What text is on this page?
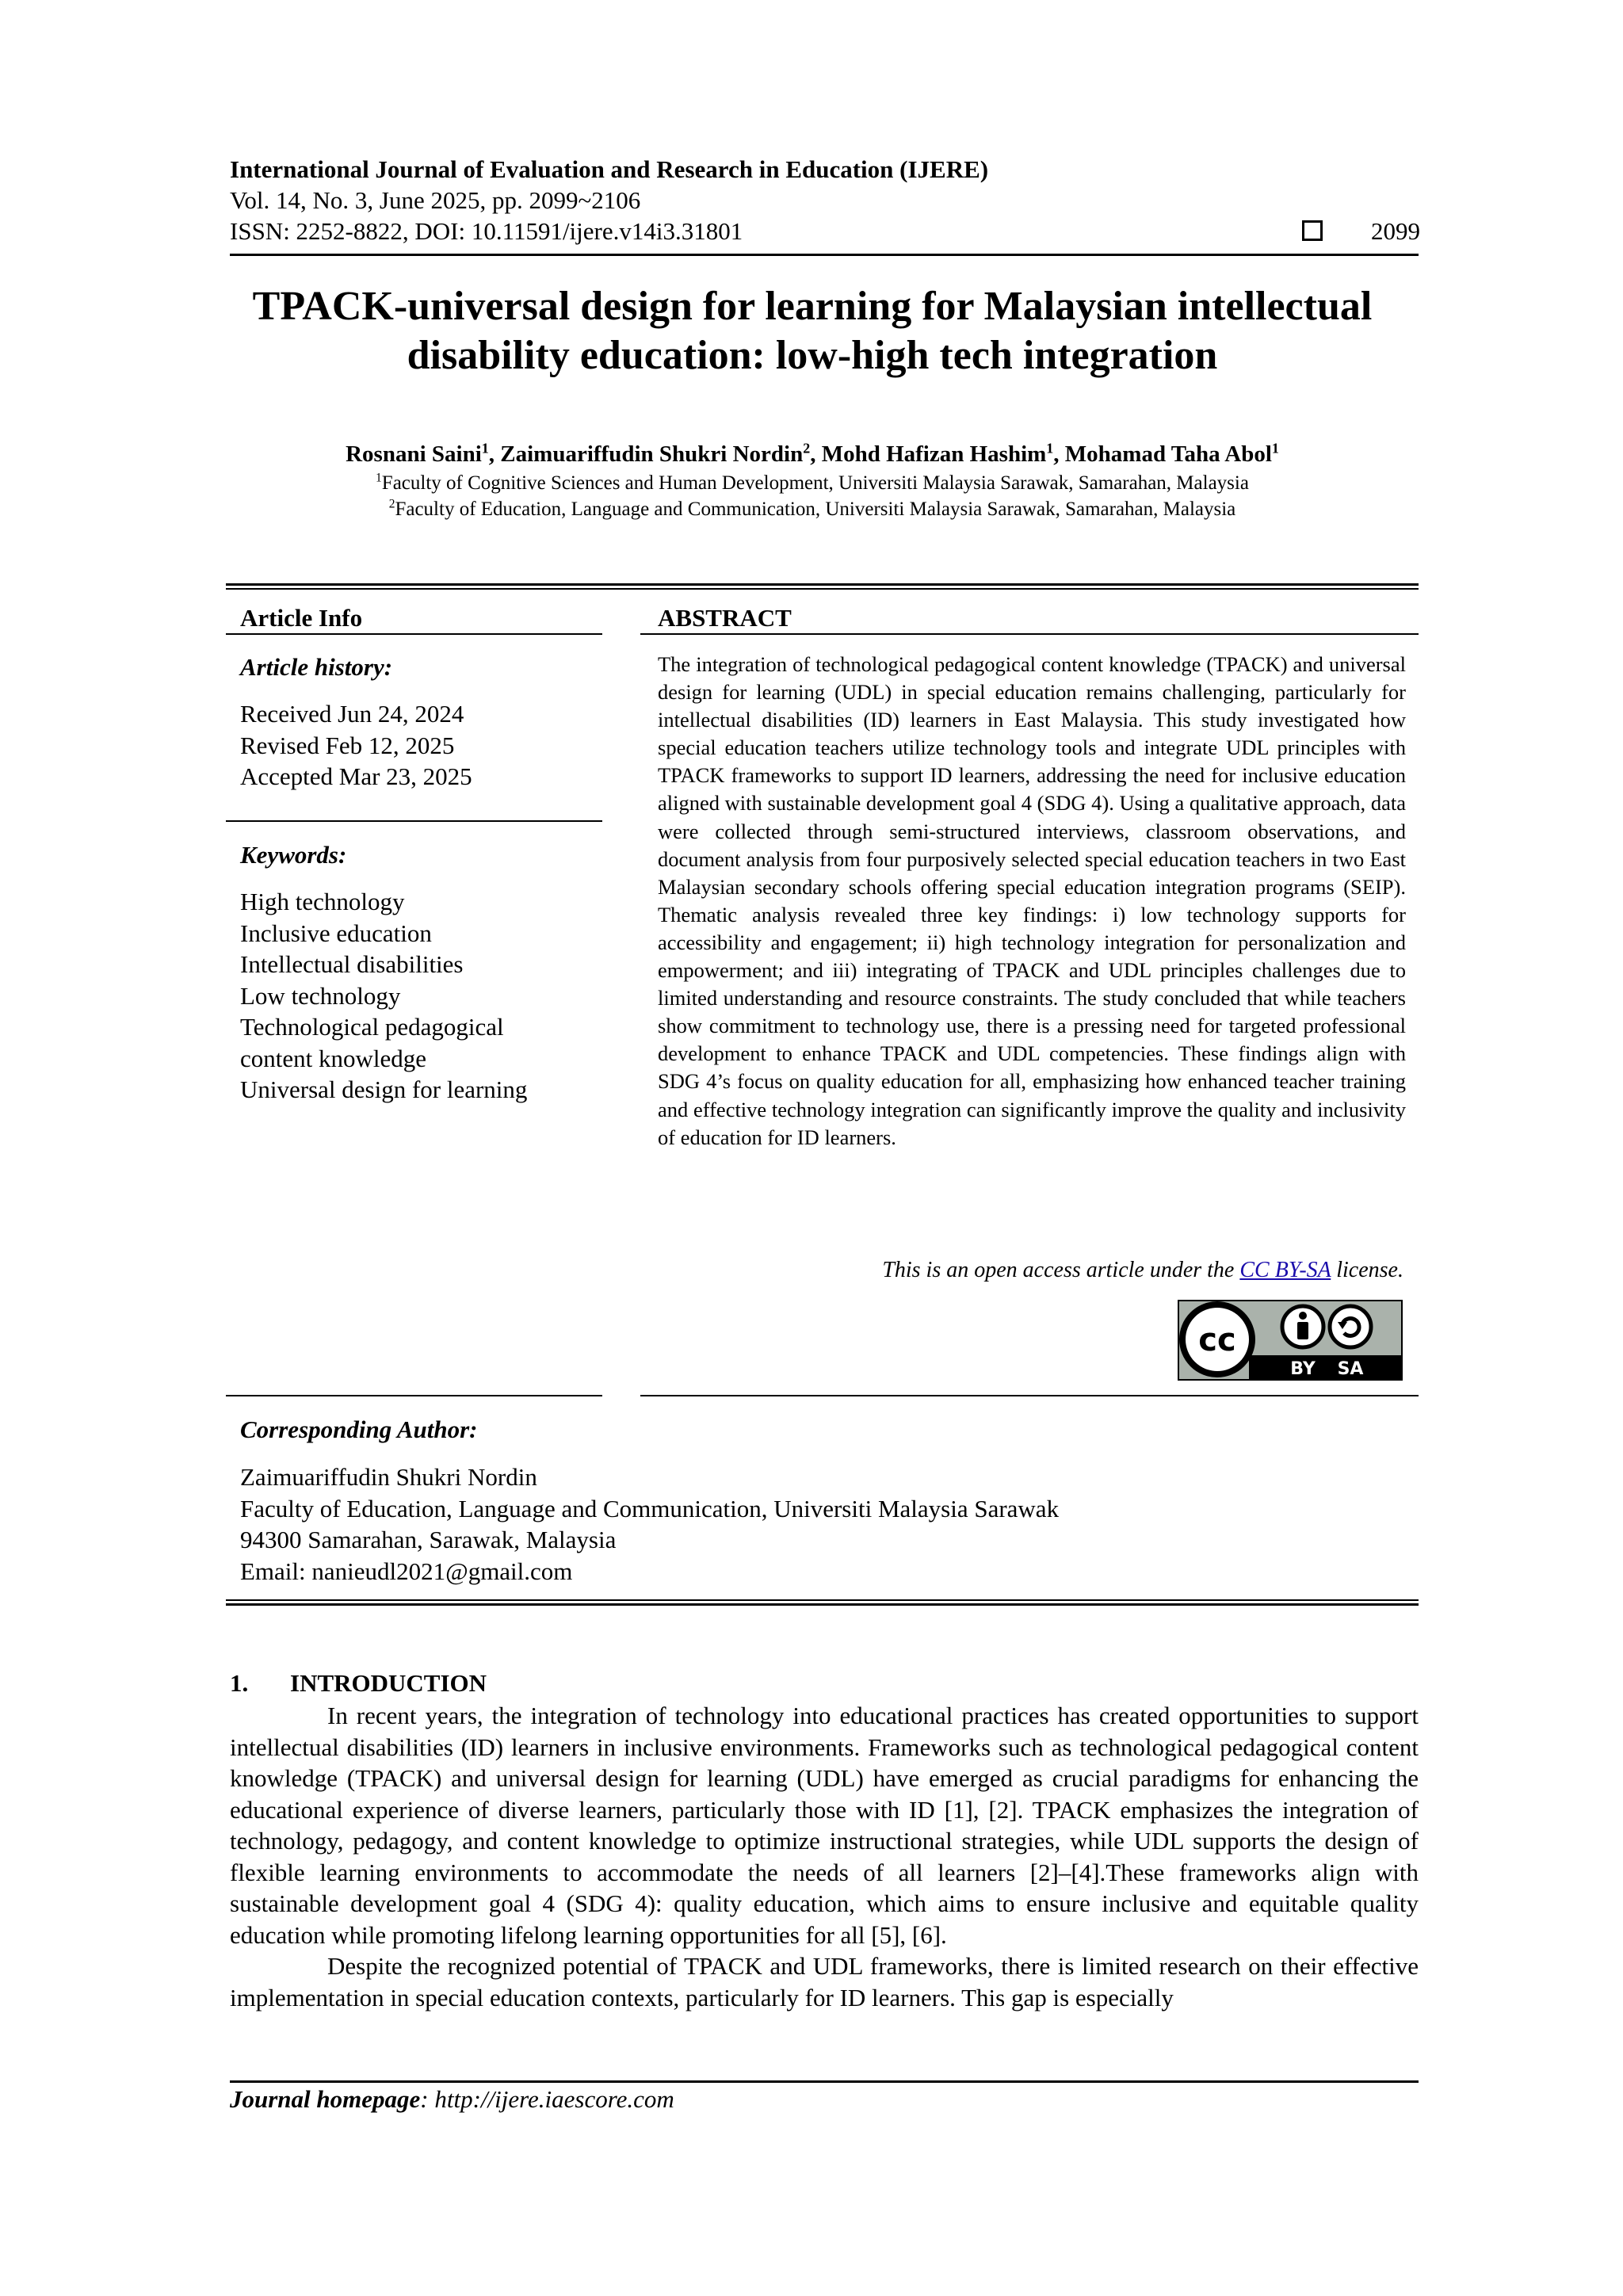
International Journal of Evaluation and Research in Education (IJERE)
Vol. 14, No. 3, June 2025, pp. 2099~2106
ISSN: 2252-8822, DOI: 10.11591/ijere.v14i3.31801	2099
TPACK-universal design for learning for Malaysian intellectual
disability education: low-high tech integration
Rosnani Saini$^1$, Zaimuariffudin Shukri Nordin$^2$, Mohd Hafizan Hashim$^1$, Mohamad Taha Abol$^1$
$^1$Faculty of Cognitive Sciences and Human Development, Universiti Malaysia Sarawak, Samarahan, Malaysia
$^2$Faculty of Education, Language and Communication, Universiti Malaysia Sarawak, Samarahan, Malaysia
Article Info
Article history:
Received Jun 24, 2024
Revised Feb 12, 2025
Accepted Mar 23, 2025
Keywords:
High technology
Inclusive education
Intellectual disabilities
Low technology
Technological pedagogical
content knowledge
Universal design for learning
ABSTRACT
The integration of technological pedagogical content knowledge (TPACK) and universal design for learning (UDL) in special education remains challenging, particularly for intellectual disabilities (ID) learners in East Malaysia. This study investigated how special education teachers utilize technology tools and integrate UDL principles with TPACK frameworks to support ID learners, addressing the need for inclusive education aligned with sustainable development goal 4 (SDG 4). Using a qualitative approach, data were collected through semi-structured interviews, classroom observations, and document analysis from four purposively selected special education teachers in two East Malaysian secondary schools offering special education integration programs (SEIP). Thematic analysis revealed three key findings: i) low technology supports for accessibility and engagement; ii) high technology integration for personalization and empowerment; and iii) integrating of TPACK and UDL principles challenges due to limited understanding and resource constraints. The study concluded that while teachers show commitment to technology use, there is a pressing need for targeted professional development to enhance TPACK and UDL competencies. These findings align with SDG 4’s focus on quality education for all, emphasizing how enhanced teacher training and effective technology integration can significantly improve the quality and inclusivity of education for ID learners.
This is an open access article under the CC BY-SA license.
cc
BY SA
Corresponding Author:
Zaimuariffudin Shukri Nordin
Faculty of Education, Language and Communication, Universiti Malaysia Sarawak
94300 Samarahan, Sarawak, Malaysia
Email: nanieudl2021@gmail.com
1. INTRODUCTION

In recent years, the integration of technology into educational practices has created opportunities to support intellectual disabilities (ID) learners in inclusive environments. Frameworks such as technological pedagogical content knowledge (TPACK) and universal design for learning (UDL) have emerged as crucial paradigms for enhancing the educational experience of diverse learners, particularly those with ID [1], [2]. TPACK emphasizes the integration of technology, pedagogy, and content knowledge to optimize instructional strategies, while UDL supports the design of flexible learning environments to accommodate the needs of all learners [2]–[4].These frameworks align with sustainable development goal 4 (SDG 4): quality education, which aims to ensure inclusive and equitable quality education while promoting lifelong learning opportunities for all [5], [6].

Despite the recognized potential of TPACK and UDL frameworks, there is limited research on their effective implementation in special education contexts, particularly for ID learners. This gap is especially

Journal homepage: http://ijere.iaescore.com
